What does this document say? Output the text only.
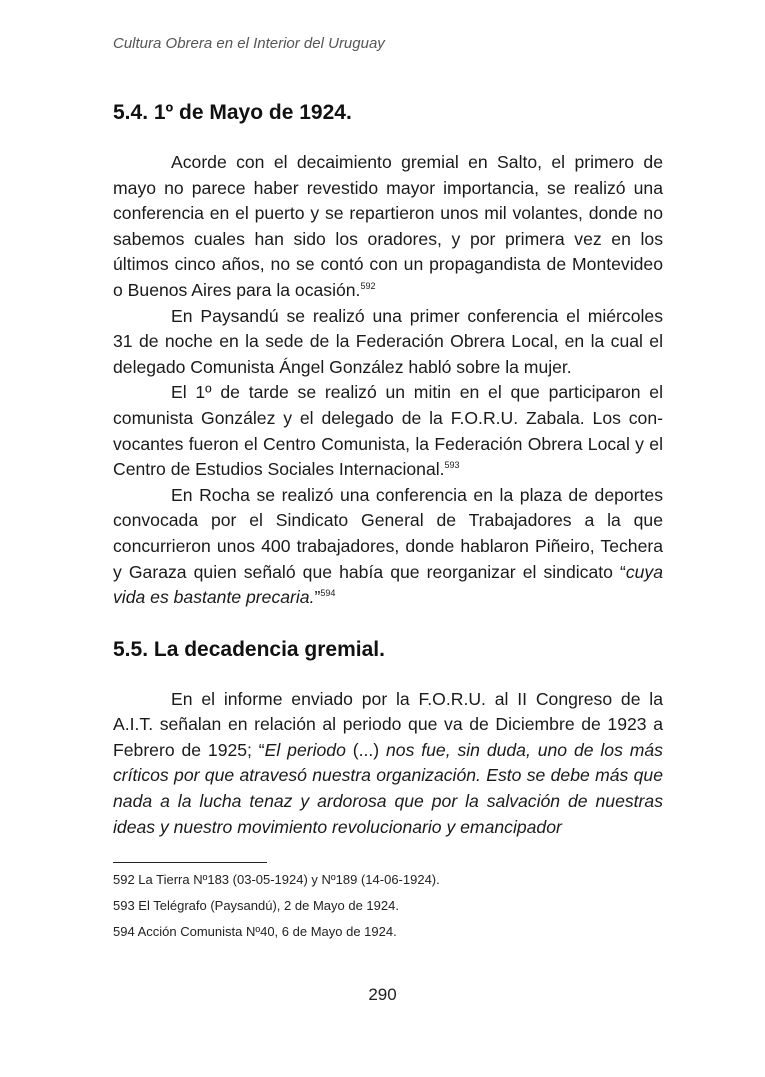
Cultura Obrera en el Interior del Uruguay
5.4. 1º de Mayo de 1924.

Acorde con el decaimiento gremial en Salto, el primero de mayo no parece haber revestido mayor importancia, se realizó una conferencia en el puerto y se repartieron unos mil volantes, donde no sabemos cuales han sido los oradores, y por primera vez en los últimos cinco años, no se contó con un propagandista de Montevideo o Buenos Aires para la ocasión.$^{592}$

En Paysandú se realizó una primer conferencia el miércoles 31 de noche en la sede de la Federación Obrera Local, en la cual el delegado Comunista Ángel González habló sobre la mujer.

El 1º de tarde se realizó un mitin en el que participaron el comunista González y el delegado de la F.O.R.U. Zabala. Los convocantes fueron el Centro Comunista, la Federación Obrera Local y el Centro de Estudios Sociales Internacional.$^{593}$

En Rocha se realizó una conferencia en la plaza de deportes convocada por el Sindicato General de Trabajadores a la que concurrieron unos 400 trabajadores, donde hablaron Piñeiro, Techera y Garaza quien señaló que había que reorganizar el sindicato “cuya vida es bastante precaria.”$^{594}$

5.5. La decadencia gremial.

En el informe enviado por la F.O.R.U. al II Congreso de la A.I.T. señalan en relación al periodo que va de Diciembre de 1923 a Febrero de 1925; “El periodo (...) nos fue, sin duda, uno de los más críticos por que atravesó nuestra organización. Esto se debe más que nada a la lucha tenaz y ardorosa que por la salvación de nuestras ideas y nuestro movimiento revolucionario y emancipador

592 La Tierra Nº183 (03-05-1924) y Nº189 (14-06-1924).
593 El Telégrafo (Paysandú), 2 de Mayo de 1924.
594 Acción Comunista Nº40, 6 de Mayo de 1924.
290
